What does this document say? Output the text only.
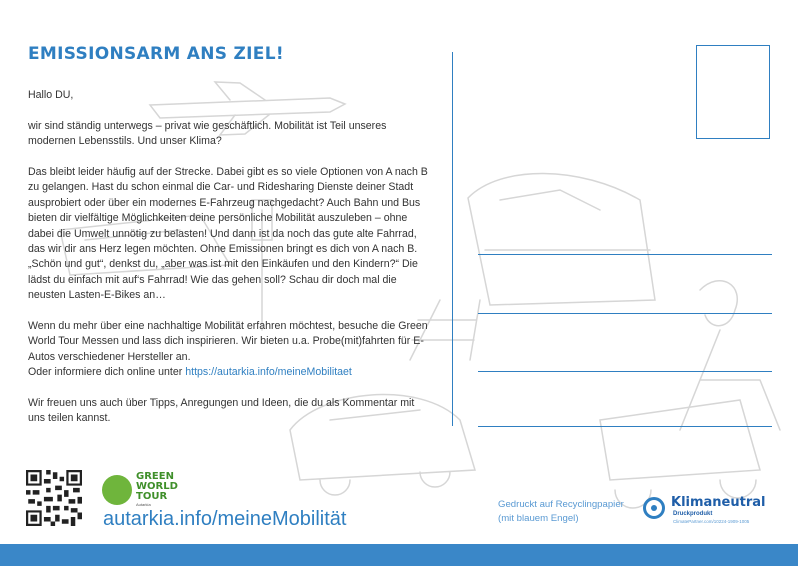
EMISSIONSARM ANS ZIEL!

Hallo DU,

wir sind ständig unterwegs – privat wie geschäftlich. Mobilität ist Teil unseres modernen Lebensstils. Und unser Klima?

Das bleibt leider häufig auf der Strecke. Dabei gibt es so viele Optionen von A nach B zu gelangen. Hast du schon einmal die Car- und Ridesharing Dienste deiner Stadt ausprobiert oder über ein modernes E-Fahrzeug nachgedacht? Auch Bahn und Bus bieten dir vielfältige Möglichkeiten deine persönliche Mobilität auszuleben – ohne dabei die Umwelt unnötig zu belasten! Und dann ist da noch das gute alte Fahrrad, das wir dir ans Herz legen möchten. Ohne Emissionen bringt es dich von A nach B. „Schön und gut“, denkst du, „aber was ist mit den Einkäufen und den Kindern?“ Die lädst du einfach mit auf‘s Fahrrad! Wie das gehen soll? Schau dir doch mal die neusten Lasten-E-Bikes an…

Wenn du mehr über eine nachhaltige Mobilität erfahren möchtest, besuche die Green World Tour Messen und lass dich inspirieren. Wir bieten u.a. Probe(mit)fahrten für E-Autos verschiedener Hersteller an.
Oder informiere dich online unter https://autarkia.info/meineMobilitaet

Wir freuen uns auch über Tipps, Anregungen und Ideen, die du als Kommentar mit uns teilen kannst.

GREEN
WORLD
TOUR
Autarkia
autarkia.info/meineMobilität
Gedruckt auf Recyclingpapier
(mit blauem Engel)
Klimaneutral
Druckprodukt
ClimatePartner.com/10224-1909-1005
